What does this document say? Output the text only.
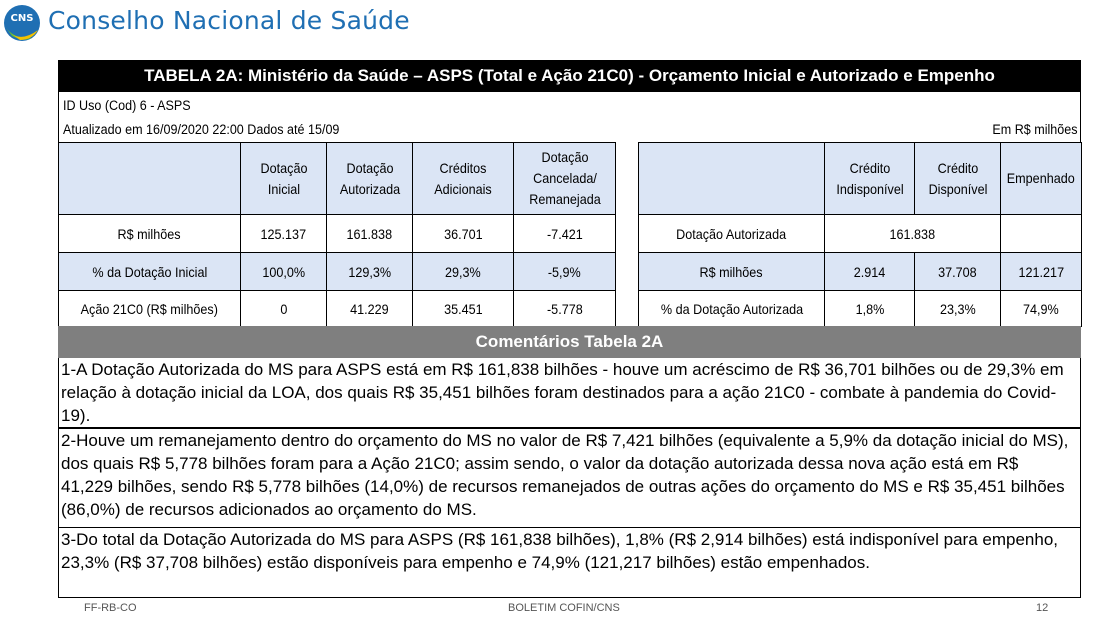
CNS Conselho Nacional de Saúde
TABELA 2A: Ministério da Saúde – ASPS (Total e Ação 21C0) - Orçamento Inicial e Autorizado e Empenho
ID Uso (Cod) 6 - ASPS
Atualizado em 16/09/2020 22:00 Dados até 15/09	Em R$ milhões
	Dotação Inicial	Dotação Autorizada	Créditos Adicionais	Dotação Cancelada/ Remanejada
R$ milhões	125.137	161.838	36.701	-7.421
% da Dotação Inicial	100,0%	129,3%	29,3%	-5,9%
Ação 21C0 (R$ milhões)	0	41.229	35.451	-5.778
	Crédito Indisponível	Crédito Disponível	Empenhado
Dotação Autorizada	161.838		
R$ milhões	2.914	37.708	121.217
% da Dotação Autorizada	1,8%	23,3%	74,9%
Comentários Tabela 2A
1-A Dotação Autorizada do MS para ASPS está em R$ 161,838 bilhões - houve um acréscimo de R$ 36,701 bilhões ou de 29,3% em relação à dotação inicial da LOA, dos quais R$ 35,451 bilhões foram destinados para a ação 21C0 - combate à pandemia do Covid-19).
2-Houve um remanejamento dentro do orçamento do MS no valor de R$ 7,421 bilhões (equivalente a 5,9% da dotação inicial do MS), dos quais R$ 5,778 bilhões foram para a Ação 21C0; assim sendo, o valor da dotação autorizada dessa nova ação está em R$ 41,229 bilhões, sendo R$ 5,778 bilhões (14,0%) de recursos remanejados de outras ações do orçamento do MS e R$ 35,451 bilhões (86,0%) de recursos adicionados ao orçamento do MS.
3-Do total da Dotação Autorizada do MS para ASPS (R$ 161,838 bilhões), 1,8% (R$ 2,914 bilhões) está indisponível para empenho, 23,3% (R$ 37,708 bilhões) estão disponíveis para empenho e 74,9% (121,217 bilhões) estão empenhados.
FF-RB-CO	BOLETIM COFIN/CNS	12
